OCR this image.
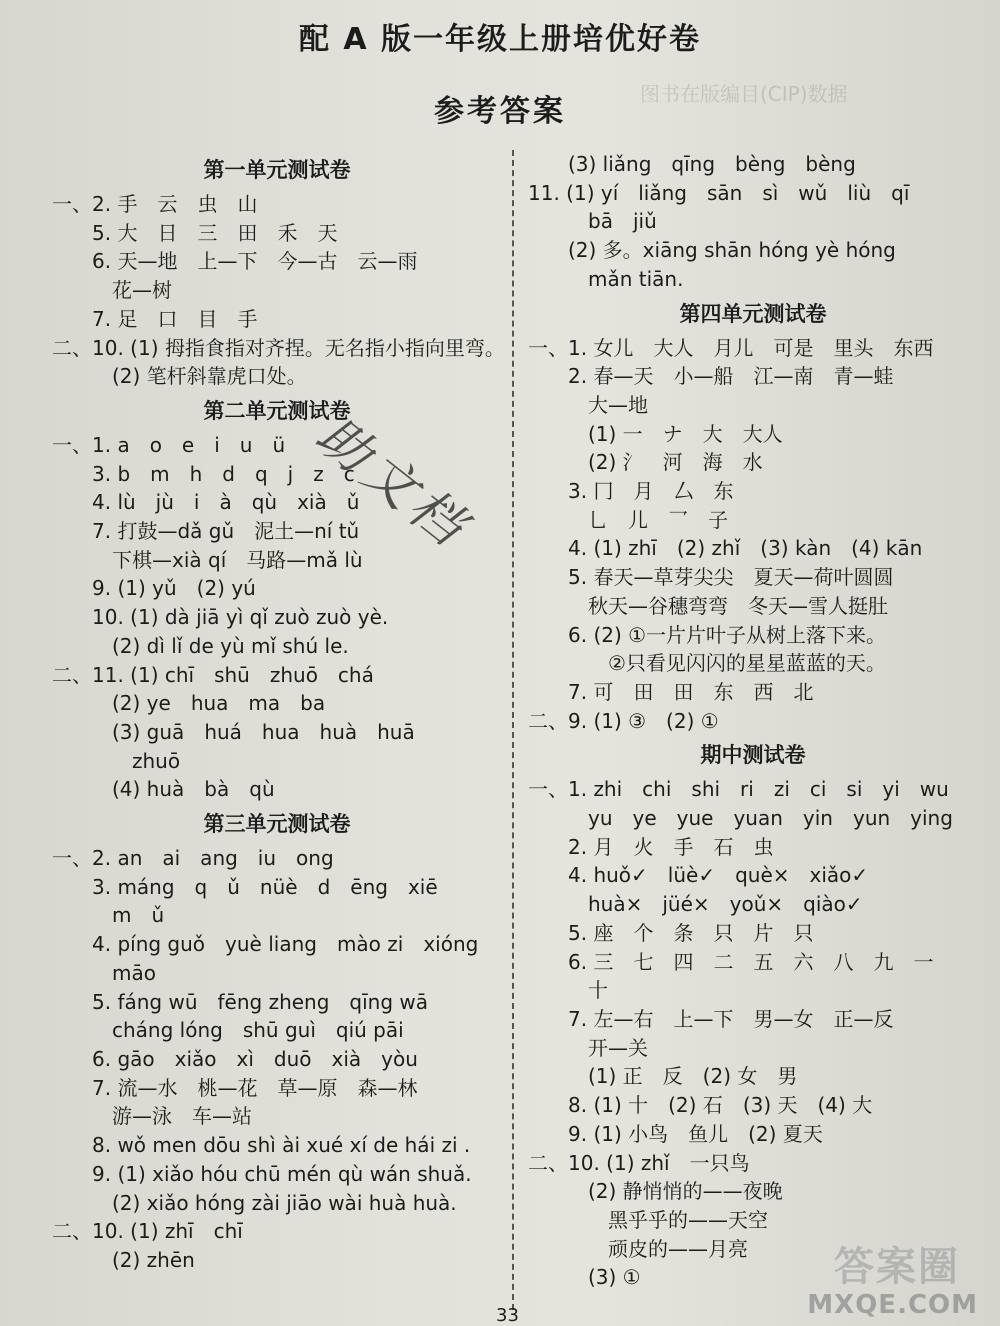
图书在版编目(CIP)数据
配 A 版一年级上册培优好卷
参考答案
第一单元测试卷
一、2. 手　云　虫　山
　　5. 大　日　三　田　禾　天
　　6. 天—地　上—下　今—古　云—雨
　　　花—树
　　7. 足　口　目　手
二、10. (1) 拇指食指对齐捏。无名指小指向里弯。
　　　(2) 笔杆斜靠虎口处。
第二单元测试卷
一、1. a　o　e　i　u　ü
　　3. b　m　h　d　q　j　z　c
　　4. lù　jù　i　à　qù　xià　ǔ
　　7. 打鼓—dǎ gǔ　泥土—ní tǔ
　　　下棋—xià qí　马路—mǎ lù
　　9. (1) yǔ　(2) yú
　　10. (1) dà jiā yì qǐ zuò zuò yè.
　　　(2) dì lǐ de yù mǐ shú le.
二、11. (1) chī　shū　zhuō　chá
　　　(2) ye　hua　ma　ba
　　　(3) guā　huá　hua　huà　huā
　　　　zhuō
　　　(4) huà　bà　qù
第三单元测试卷
一、2. an　ai　ang　iu　ong
　　3. máng　q　ǔ　nüè　d　ēng　xiē
　　　m　ǔ
　　4. píng guǒ　yuè liang　mào zi　xióng
　　　māo
　　5. fáng wū　fēng zheng　qīng wā
　　　cháng lóng　shū guì　qiú pāi
　　6. gāo　xiǎo　xì　duō　xià　yòu
　　7. 流—水　桃—花　草—原　森—林
　　　游—泳　车—站
　　8. wǒ men dōu shì ài xué xí de hái zi .
　　9. (1) xiǎo hóu chū mén qù wán shuǎ.
　　　(2) xiǎo hóng zài jiāo wài huà huà.
二、10. (1) zhī　chī
　　　(2) zhēn
　　(3) liǎng　qīng　bèng　bèng
11. (1) yí　liǎng　sān　sì　wǔ　liù　qī
　　　bā　jiǔ
　　(2) 多。xiāng shān hóng yè hóng
　　　mǎn tiān.
第四单元测试卷
一、1. 女儿　大人　月儿　可是　里头　东西
　　2. 春—天　小—船　江—南　青—蛙
　　　大—地
　　　(1) 一　ナ　大　大人
　　　(2) 氵　河　海　水
　　3. 冂　月　厶　东
　　　乚　儿　乛　子
　　4. (1) zhī　(2) zhǐ　(3) kàn　(4) kān
　　5. 春天—草芽尖尖　夏天—荷叶圆圆
　　　秋天—谷穗弯弯　冬天—雪人挺肚
　　6. (2) ①一片片叶子从树上落下来。
　　　　②只看见闪闪的星星蓝蓝的天。
　　7. 可　田　田　东　西　北
二、9. (1) ③　(2) ①
期中测试卷
一、1. zhi　chi　shi　ri　zi　ci　si　yi　wu
　　　yu　ye　yue　yuan　yin　yun　ying
　　2. 月　火　手　石　虫
　　4. huǒ✓　lüè✓　què×　xiǎo✓
　　　huà×　jüé×　yoǔ×　qiào✓
　　5. 座　个　条　只　片　只
　　6. 三　七　四　二　五　六　八　九　一
　　　十
　　7. 左—右　上—下　男—女　正—反
　　　开—关
　　　(1) 正　反　(2) 女　男
　　8. (1) 十　(2) 石　(3) 天　(4) 大
　　9. (1) 小鸟　鱼儿　(2) 夏天
二、10. (1) zhǐ　一只鸟
　　　(2) 静悄悄的——夜晚
　　　　黑乎乎的——天空
　　　　顽皮的——月亮
　　　(3) ①
助文档
答案圈
MXQE.COM
33
